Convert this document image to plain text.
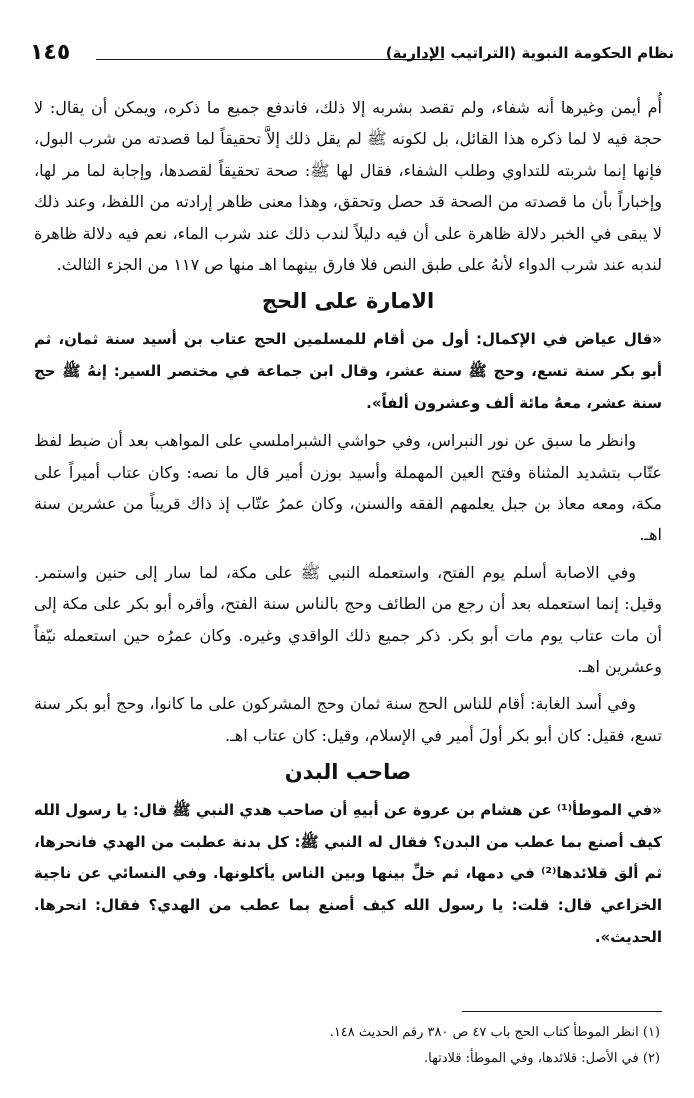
نظام الحكومة النبوية (التراتيب الإدارية)
١٤٥

أُم أيمن وغيرها أنه شفاء، ولم تقصد بشربه إلا ذلك، فاندفع جميع ما ذكره، ويمكن أن يقال: لا حجة فيه لا لما ذكره هذا القائل، بل لكونه ﷺ لم يقل ذلك إلاَّ تحقيقاً لما قصدته من شرب البول، فإنها إنما شربته للتداوي وطلب الشفاء، فقال لها ﷺ: صحة تحقيقاً لقصدها، وإجابة لما مر لها، وإخباراً بأن ما قصدته من الصحة قد حصل وتحقق، وهذا معنى ظاهر إرادته من اللفظ، وعند ذلك لا يبقى في الخبر دلالة ظاهرة على أن فيه دليلاً لندب ذلك عند شرب الماء، نعم فيه دلالة ظاهرة لندبه عند شرب الدواء لأنهُ على طبق النص فلا فارق بينهما اهـ منها ص ١١٧ من الجزء الثالث.

الامارة على الحج

«قال عياض في الإكمال: أول من أقام للمسلمين الحج عتاب بن أسيد سنة ثمان، ثم أبو بكر سنة تسع، وحج ﷺ سنة عشر، وقال ابن جماعة في مختصر السير: إنهُ ﷺ حج سنة عشر، معهُ مائة ألف وعشرون ألفاً».

وانظر ما سبق عن نور النبراس، وفي حواشي الشبراملسي على المواهب بعد أن ضبط لفظ عتّاب بتشديد المثناة وفتح العين المهملة وأسيد بوزن أمير قال ما نصه: وكان عتاب أميراً على مكة، ومعه معاذ بن جبل يعلمهم الفقه والسنن، وكان عمرُ عتّاب إذ ذاك قريباً من عشرين سنة اهـ.

وفي الاصابة أسلم يوم الفتح، واستعمله النبي ﷺ على مكة، لما سار إلى حنين واستمر. وقيل: إنما استعمله بعد أن رجع من الطائف وحج بالناس سنة الفتح، وأقره أبو بكر على مكة إلى أن مات عتاب يوم مات أبو بكر. ذكر جميع ذلك الواقدي وغيره. وكان عمرُه حين استعمله نيّفاً وعشرين اهـ.

وفي أسد الغابة: أقام للناس الحج سنة ثمان وحج المشركون على ما كانوا، وحج أبو بكر سنة تسع، فقيل: كان أبو بكر أولَ أمير في الإسلام، وقيل: كان عتاب اهـ.

صاحب البدن

«في الموطأ⁽¹⁾ عن هشام بن عروة عن أبيهِ أن صاحب هدي النبي ﷺ قال: يا رسول الله كيف أصنع بما عطب من البدن؟ فقال له النبي ﷺ: كل بدنة عطبت من الهدي فانحرها، ثم ألق قلائدها⁽²⁾ في دمها، ثم خلِّ بينها وبين الناس يأكلونها. وفي النسائي عن ناجية الخزاعي قال: قلت: يا رسول الله كيف أصنع بما عطب من الهدي؟ فقال: انحرها. الحديث».

(١) انظر الموطأ كتاب الحج باب ٤٧ ص ٣٨٠ رقم الحديث ١٤٨.

(٢) في الأصل: قلائدها، وفي الموطأ: قلادتها.
